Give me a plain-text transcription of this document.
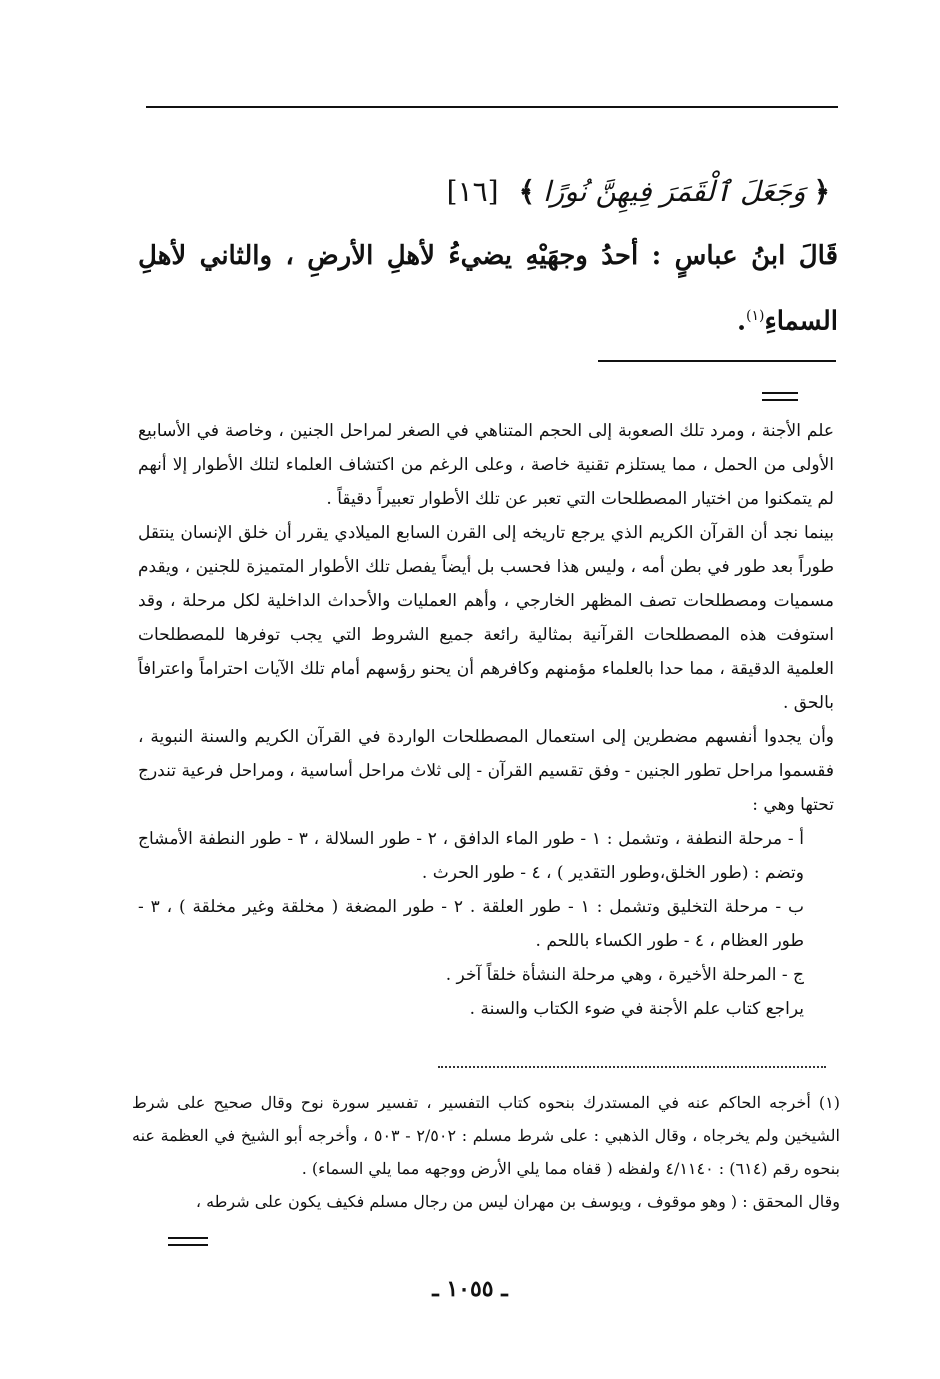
﴿وَجَعَلَ ٱلْقَمَرَ فِيهِنَّ نُورًا﴾[١٦]
قَالَ ابنُ عباسٍ : أحدُ وجهَيْهِ يضيءُ لأهلِ الأرضِ ، والثاني لأهلِ السماءِ$^{(١)}$.

علم الأجنة ، ومرد تلك الصعوبة إلى الحجم المتناهي في الصغر لمراحل الجنين ، وخاصة في الأسابيع الأولى من الحمل ، مما يستلزم تقنية خاصة ، وعلى الرغم من اكتشاف العلماء لتلك الأطوار إلا أنهم لم يتمكنوا من اختيار المصطلحات التي تعبر عن تلك الأطوار تعبيراً دقيقاً .

بينما نجد أن القرآن الكريم الذي يرجع تاريخه إلى القرن السابع الميلادي يقرر أن خلق الإنسان ينتقل طوراً بعد طور في بطن أمه ، وليس هذا فحسب بل أيضاً يفصل تلك الأطوار المتميزة للجنين ، ويقدم مسميات ومصطلحات تصف المظهر الخارجي ، وأهم العمليات والأحداث الداخلية لكل مرحلة ، وقد استوفت هذه المصطلحات القرآنية بمثالية رائعة جميع الشروط التي يجب توفرها للمصطلحات العلمية الدقيقة ، مما حدا بالعلماء مؤمنهم وكافرهم أن يحنو رؤسهم أمام تلك الآيات احتراماً واعترافاً بالحق .

وأن يجدوا أنفسهم مضطرين إلى استعمال المصطلحات الواردة في القرآن الكريم والسنة النبوية ، فقسموا مراحل تطور الجنين - وفق تقسيم القرآن - إلى ثلاث مراحل أساسية ، ومراحل فرعية تندرج تحتها وهي :

أ - مرحلة النطفة ، وتشمل : ١ - طور الماء الدافق ، ٢ - طور السلالة ، ٣ - طور النطفة الأمشاج وتضم : (طور الخلق،وطور التقدير ) ، ٤ - طور الحرث .

ب - مرحلة التخليق وتشمل : ١ - طور العلقة . ٢ - طور المضغة ( مخلقة وغير مخلقة ) ، ٣ - طور العظام ، ٤ - طور الكساء باللحم .

ج - المرحلة الأخيرة ، وهي مرحلة النشأة خلقاً آخر .

يراجع كتاب علم الأجنة في ضوء الكتاب والسنة .

(١) أخرجه الحاكم عنه في المستدرك بنحوه كتاب التفسير ، تفسير سورة نوح وقال صحيح على شرط الشيخين ولم يخرجاه ، وقال الذهبي : على شرط مسلم : ٢/٥٠٢ - ٥٠٣ ، وأخرجه أبو الشيخ في العظمة عنه بنحوه رقم (٦١٤) : ٤/١١٤٠ ولفظه ( قفاه مما يلي الأرض ووجهه مما يلي السماء) .

وقال المحقق : ( وهو موقوف ، ويوسف بن مهران ليس من رجال مسلم فكيف يكون على شرطه ،

ـ ١٠٥٥ ـ
